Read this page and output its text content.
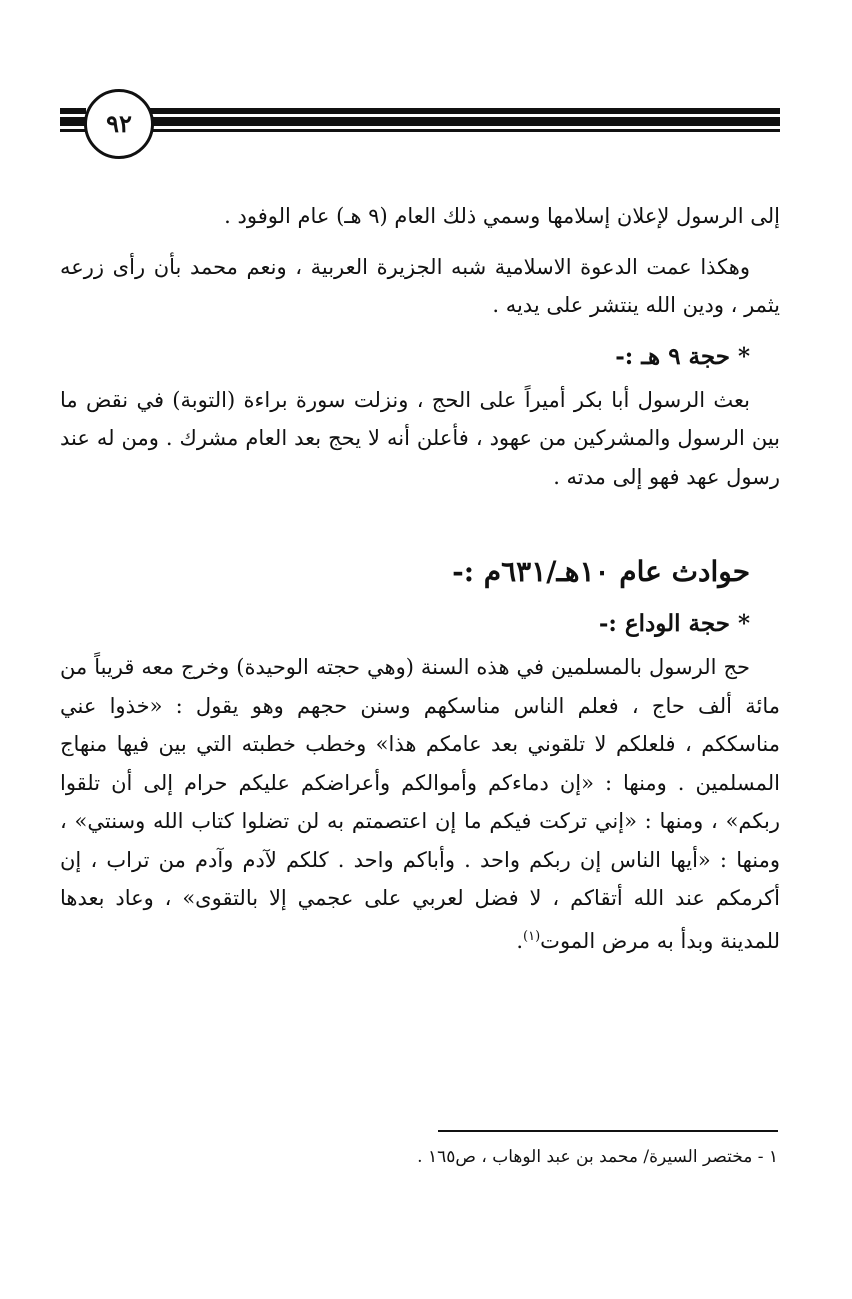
٩٢

إلى الرسول لإعلان إسلامها وسمي ذلك العام (٩ هـ) عام الوفود .

وهكذا عمت الدعوة الاسلامية شبه الجزيرة العربية ، ونعم محمد بأن رأى زرعه يثمر ، ودين الله ينتشر على يديه .

* حجة ٩ هـ :-

بعث الرسول أبا بكر أميراً على الحج ، ونزلت سورة براءة (التوبة) في نقض ما بين الرسول والمشركين من عهود ، فأعلن أنه لا يحج بعد العام مشرك . ومن له عند رسول عهد فهو إلى مدته .

حوادث عام ١٠هـ/٦٣١م :-
* حجة الوداع :-

حج الرسول بالمسلمين في هذه السنة (وهي حجته الوحيدة) وخرج معه قريباً من مائة ألف حاج ، فعلم الناس مناسكهم وسنن حجهم وهو يقول : «خذوا عني مناسككم ، فلعلكم لا تلقوني بعد عامكم هذا» وخطب خطبته التي بين فيها منهاج المسلمين . ومنها : «إن دماءكم وأموالكم وأعراضكم عليكم حرام إلى أن تلقوا ربكم» ، ومنها : «إني تركت فيكم ما إن اعتصمتم به لن تضلوا كتاب الله وسنتي» ، ومنها : «أيها الناس إن ربكم واحد . وأباكم واحد . كلكم لآدم وآدم من تراب ، إن أكرمكم عند الله أتقاكم ، لا فضل لعربي على عجمي إلا بالتقوى» ، وعاد بعدها للمدينة وبدأ به مرض الموت$^{(١)}$.

١ - مختصر السيرة/ محمد بن عبد الوهاب ، ص١٦٥ .
